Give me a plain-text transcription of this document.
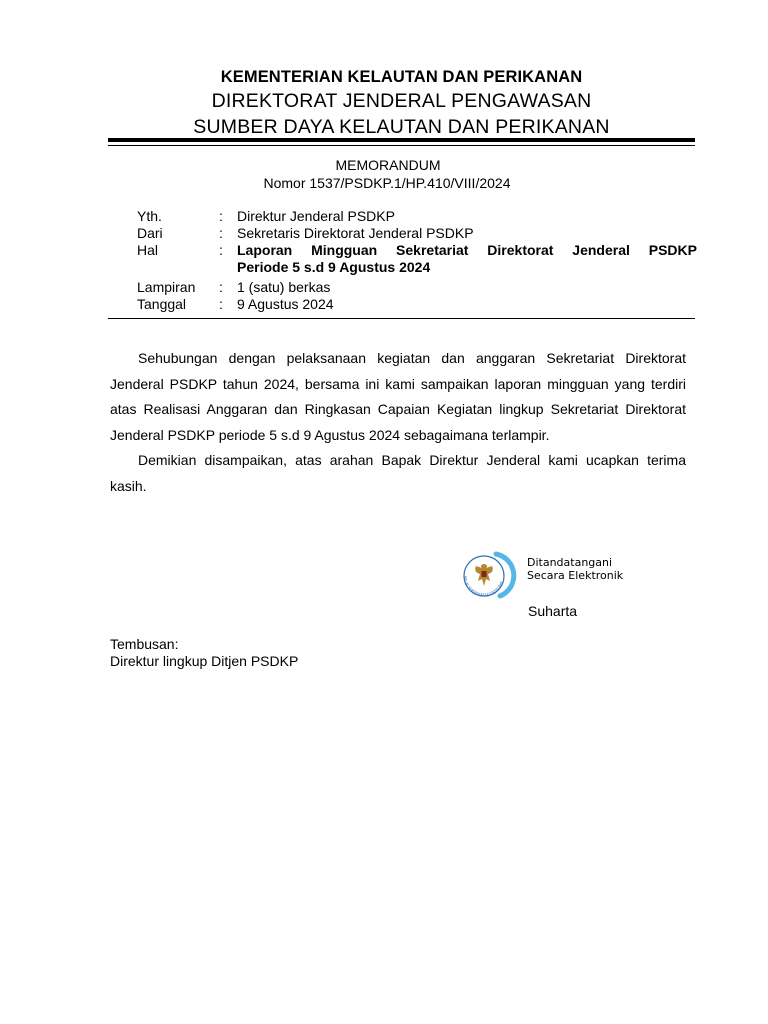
KEMENTERIAN KELAUTAN DAN PERIKANAN
DIREKTORAT JENDERAL PENGAWASAN
SUMBER DAYA KELAUTAN DAN PERIKANAN
MEMORANDUM
Nomor 1537/PSDKP.1/HP.410/VIII/2024
Yth.	: Direktur Jenderal PSDKP
Dari	: Sekretaris Direktorat Jenderal PSDKP
Hal	: Laporan Mingguan Sekretariat Direktorat Jenderal PSDKP
Periode 5 s.d 9 Agustus 2024
Lampiran : 1 (satu) berkas
Tanggal : 9 Agustus 2024

Sehubungan dengan pelaksanaan kegiatan dan anggaran Sekretariat Direktorat Jenderal PSDKP tahun 2024, bersama ini kami sampaikan laporan mingguan yang terdiri atas Realisasi Anggaran dan Ringkasan Capaian Kegiatan lingkup Sekretariat Direktorat Jenderal PSDKP periode 5 s.d 9 Agustus 2024 sebagaimana terlampir.

Demikian disampaikan, atas arahan Bapak Direktur Jenderal kami ucapkan terima kasih.

BALAI SERTIFIKASI ELEKTRONIK
Ditandatangani
Secara Elektronik
Suharta
Tembusan:
Direktur lingkup Ditjen PSDKP
